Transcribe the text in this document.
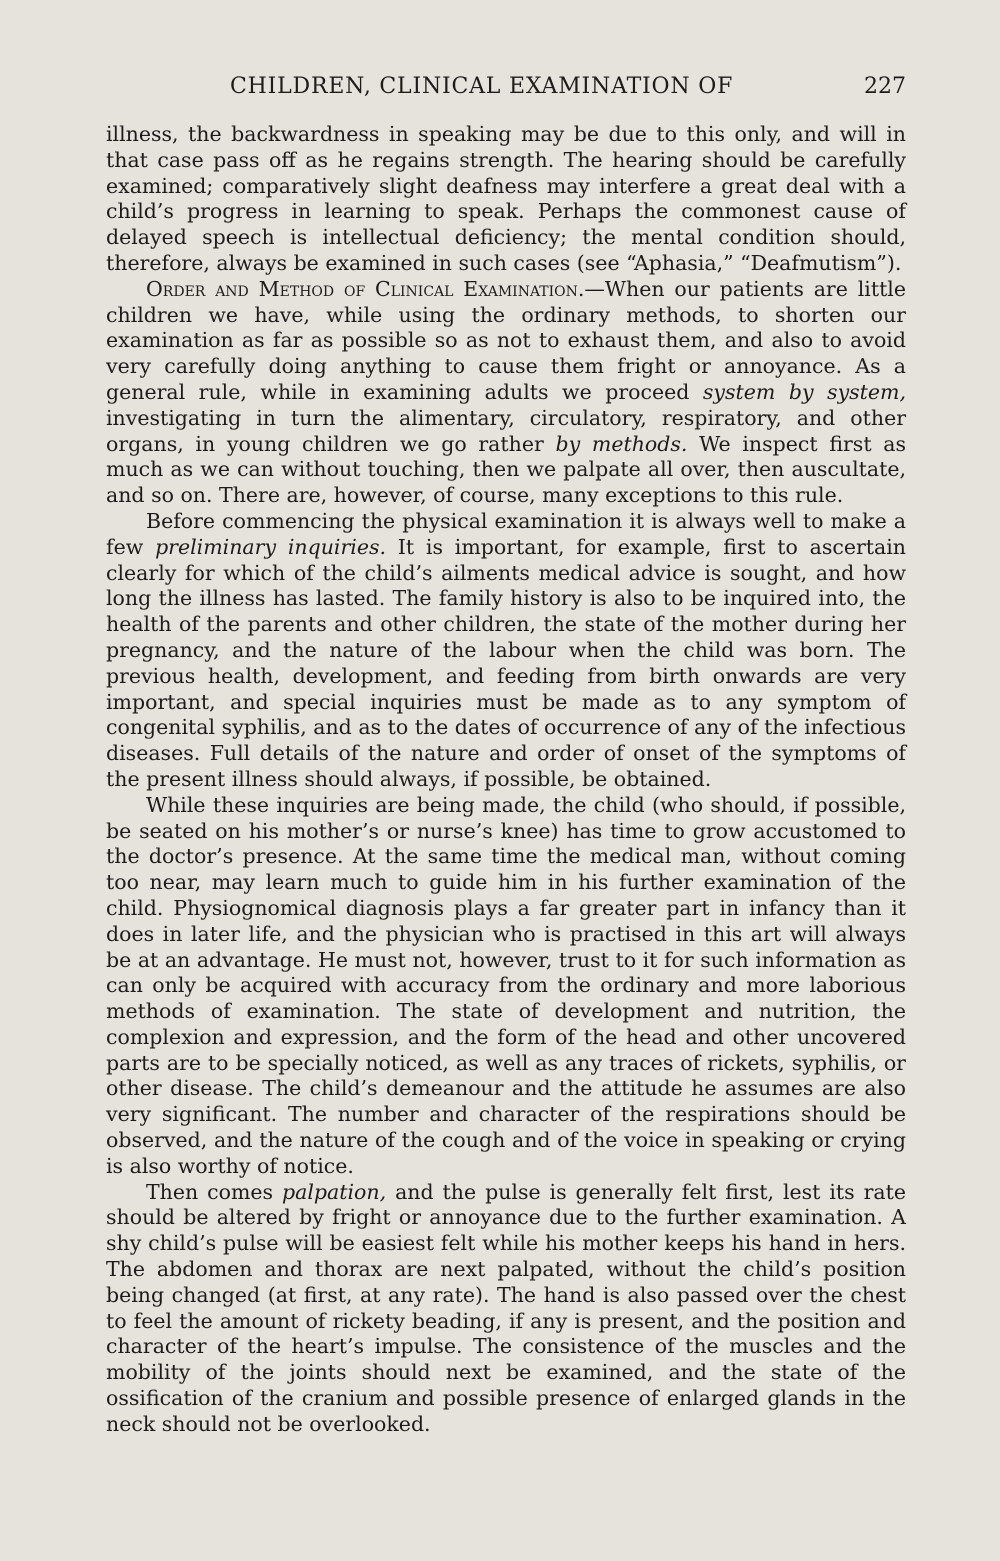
CHILDREN, CLINICAL EXAMINATION OF	227

illness, the backwardness in speaking may be due to this only, and will in that case pass off as he regains strength. The hearing should be carefully examined; comparatively slight deafness may interfere a great deal with a child’s progress in learning to speak. Perhaps the commonest cause of delayed speech is intellectual deficiency; the mental condition should, therefore, always be examined in such cases (see “Aphasia,” “Deafmutism”).

Order and Method of Clinical Examination.—When our patients are little children we have, while using the ordinary methods, to shorten our examination as far as possible so as not to exhaust them, and also to avoid very carefully doing anything to cause them fright or annoyance. As a general rule, while in examining adults we proceed system by system, investigating in turn the alimentary, circulatory, respiratory, and other organs, in young children we go rather by methods. We inspect first as much as we can without touching, then we palpate all over, then auscultate, and so on. There are, however, of course, many exceptions to this rule.

Before commencing the physical examination it is always well to make a few preliminary inquiries. It is important, for example, first to ascertain clearly for which of the child’s ailments medical advice is sought, and how long the illness has lasted. The family history is also to be inquired into, the health of the parents and other children, the state of the mother during her pregnancy, and the nature of the labour when the child was born. The previous health, development, and feeding from birth onwards are very important, and special inquiries must be made as to any symptom of congenital syphilis, and as to the dates of occurrence of any of the infectious diseases. Full details of the nature and order of onset of the symptoms of the present illness should always, if possible, be obtained.

While these inquiries are being made, the child (who should, if possible, be seated on his mother’s or nurse’s knee) has time to grow accustomed to the doctor’s presence. At the same time the medical man, without coming too near, may learn much to guide him in his further examination of the child. Physiognomical diagnosis plays a far greater part in infancy than it does in later life, and the physician who is practised in this art will always be at an advantage. He must not, however, trust to it for such information as can only be acquired with accuracy from the ordinary and more laborious methods of examination. The state of development and nutrition, the complexion and expression, and the form of the head and other uncovered parts are to be specially noticed, as well as any traces of rickets, syphilis, or other disease. The child’s demeanour and the attitude he assumes are also very significant. The number and character of the respirations should be observed, and the nature of the cough and of the voice in speaking or crying is also worthy of notice.

Then comes palpation, and the pulse is generally felt first, lest its rate should be altered by fright or annoyance due to the further examination. A shy child’s pulse will be easiest felt while his mother keeps his hand in hers. The abdomen and thorax are next palpated, without the child’s position being changed (at first, at any rate). The hand is also passed over the chest to feel the amount of rickety beading, if any is present, and the position and character of the heart’s impulse. The consistence of the muscles and the mobility of the joints should next be examined, and the state of the ossification of the cranium and possible presence of enlarged glands in the neck should not be overlooked.
